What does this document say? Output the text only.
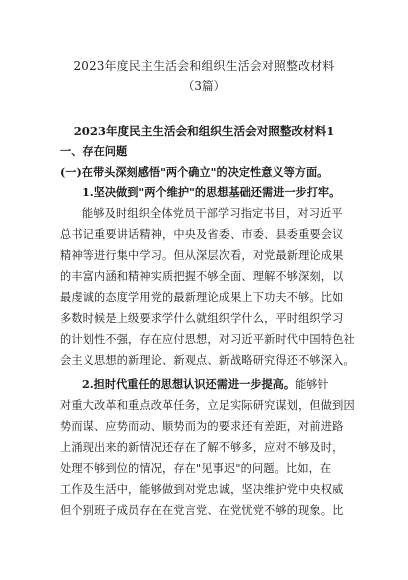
2023年度民主生活会和组织生活会对照整改材料
（3篇）
2023年度民主生活会和组织生活会对照整改材料1
一、存在问题
(一)在带头深刻感悟"两个确立"的决定性意义等方面。
1.坚决做到"两个维护"的思想基础还需进一步打牢。
能够及时组织全体党员干部学习指定书目，对习近平
总书记重要讲话精神，中央及省委、市委、县委重要会议
精神等进行集中学习。但从深层次看，对党最新理论成果
的丰富内涵和精神实质把握不够全面、理解不够深刻，以
最虔诚的态度学用党的最新理论成果上下功夫不够。比如
多数时候是上级要求学什么就组织学什么，平时组织学习
的计划性不强，存在应付思想，对习近平新时代中国特色社
会主义思想的新理论、新观点、新战略研究得还不够深入。
2.担时代重任的思想认识还需进一步提高。能够针
对重大改革和重点改革任务，立足实际研究谋划，但做到因
势而谋、应势而动、顺势而为的要求还有差距，对前进路
上涌现出来的新情况还存在了解不够多，应对不够及时，
处理不够到位的情况，存在"见事迟"的问题。比如，在
工作及生活中，能够做到对党忠诚，坚决维护党中央权威
但个别班子成员存在在党言党、在党忧党不够的现象。比
